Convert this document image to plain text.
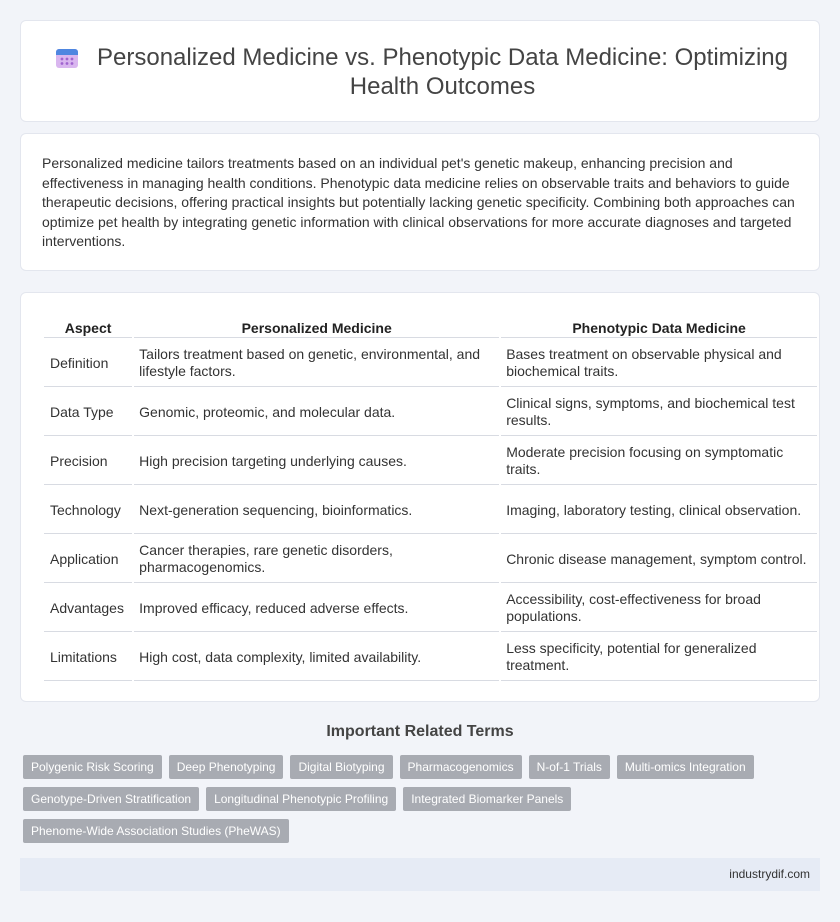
Personalized Medicine vs. Phenotypic Data Medicine: Optimizing Health Outcomes

Personalized medicine tailors treatments based on an individual pet's genetic makeup, enhancing precision and effectiveness in managing health conditions. Phenotypic data medicine relies on observable traits and behaviors to guide therapeutic decisions, offering practical insights but potentially lacking genetic specificity. Combining both approaches can optimize pet health by integrating genetic information with clinical observations for more accurate diagnoses and targeted interventions.

Aspect	Personalized Medicine	Phenotypic Data Medicine
Definition	Tailors treatment based on genetic, environmental, and lifestyle factors.	Bases treatment on observable physical and biochemical traits.
Data Type	Genomic, proteomic, and molecular data.	Clinical signs, symptoms, and biochemical test results.
Precision	High precision targeting underlying causes.	Moderate precision focusing on symptomatic traits.
Technology	Next-generation sequencing, bioinformatics.	Imaging, laboratory testing, clinical observation.
Application	Cancer therapies, rare genetic disorders, pharmacogenomics.	Chronic disease management, symptom control.
Advantages	Improved efficacy, reduced adverse effects.	Accessibility, cost-effectiveness for broad populations.
Limitations	High cost, data complexity, limited availability.	Less specificity, potential for generalized treatment.
Important Related Terms
Polygenic Risk Scoring	Deep Phenotyping	Digital Biotyping	Pharmacogenomics	N-of-1 Trials	Multi-omics Integration
Genotype-Driven Stratification	Longitudinal Phenotypic Profiling	Integrated Biomarker Panels
Phenome-Wide Association Studies (PheWAS)
industrydif.com
